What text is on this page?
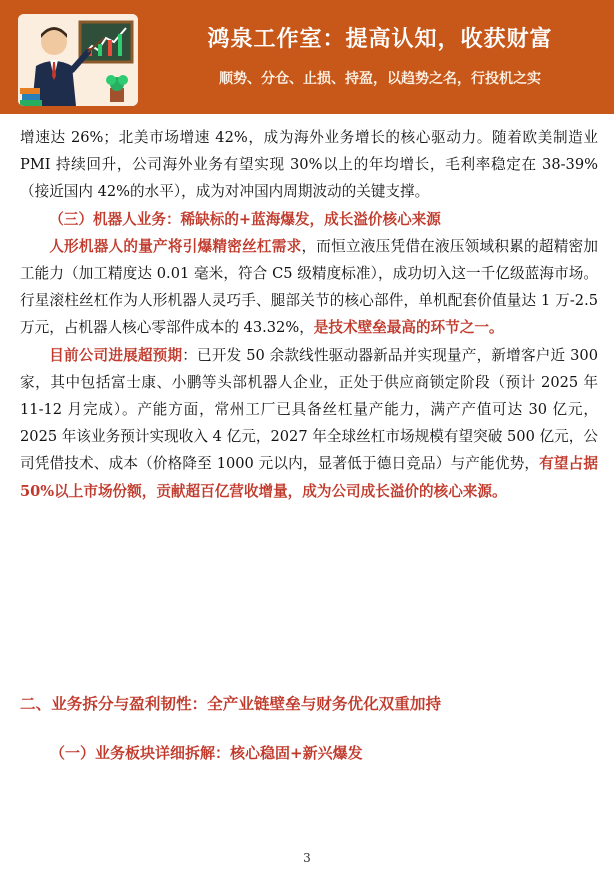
鸿泉工作室：提高认知，收获财富
顺势、分仓、止损、持盈，以趋势之名，行投机之实

增速达 26%；北美市场增速 42%，成为海外业务增长的核心驱动力。随着欧美制造业 PMI 持续回升，公司海外业务有望实现 30%以上的年均增长，毛利率稳定在 38-39%（接近国内 42%的水平），成为对冲国内周期波动的关键支撑。

（三）机器人业务：稀缺标的+蓝海爆发，成长溢价核心来源

人形机器人的量产将引爆精密丝杠需求，而恒立液压凭借在液压领域积累的超精密加工能力（加工精度达 0.01 毫米，符合 C5 级精度标准），成功切入这一千亿级蓝海市场。行星滚柱丝杠作为人形机器人灵巧手、腿部关节的核心部件，单机配套价值量达 1 万-2.5 万元，占机器人核心零部件成本的 43.32%，是技术壁垒最高的环节之一。

目前公司进展超预期：已开发 50 余款线性驱动器新品并实现量产，新增客户近 300 家，其中包括富士康、小鹏等头部机器人企业，正处于供应商锁定阶段（预计 2025 年 11-12 月完成）。产能方面，常州工厂已具备丝杠量产能力，满产产值可达 30 亿元，2025 年该业务预计实现收入 4 亿元，2027 年全球丝杠市场规模有望突破 500 亿元，公司凭借技术、成本（价格降至 1000 元以内，显著低于德日竞品）与产能优势，有望占据 50%以上市场份额，贡献超百亿营收增量，成为公司成长溢价的核心来源。

二、业务拆分与盈利韧性：全产业链壁垒与财务优化双重加持
（一）业务板块详细拆解：核心稳固+新兴爆发
3
